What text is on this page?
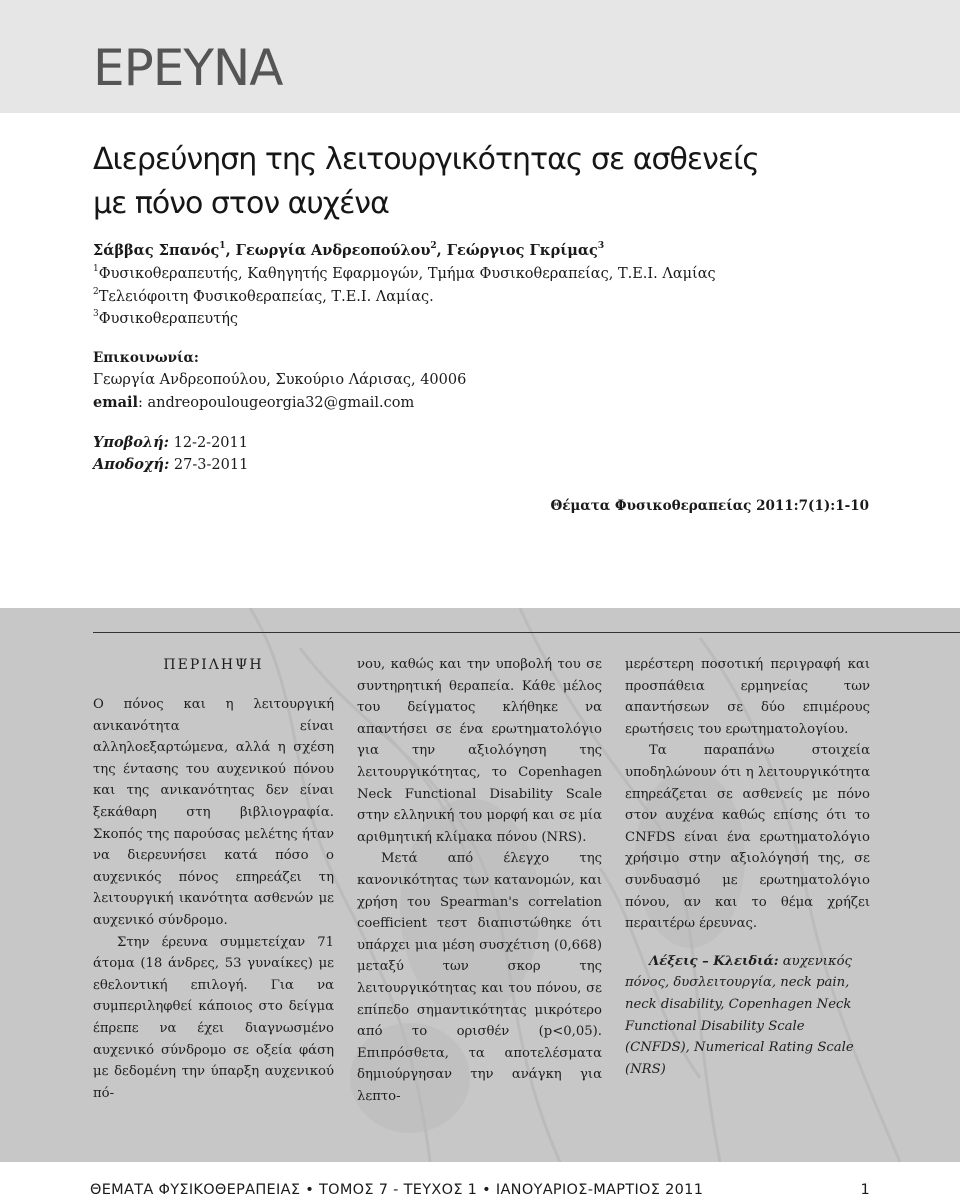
ΕΡΕΥΝΑ
Διερεύνηση της λειτουργικότητας σε ασθενείς
με πόνο στον αυχένα
Σάββας Σπανός$^1$, Γεωργία Ανδρεοπούλου$^2$, Γεώργιος Γκρίμας$^3$
$^1$Φυσικοθεραπευτής, Καθηγητής Εφαρμογών, Τμήμα Φυσικοθεραπείας, Τ.Ε.Ι. Λαμίας
$^2$Τελειόφοιτη Φυσικοθεραπείας, Τ.Ε.Ι. Λαμίας.
$^3$Φυσικοθεραπευτής
Επικοινωνία:
Γεωργία Ανδρεοπούλου, Συκούριο Λάρισας, 40006
email: andreopoulougeorgia32@gmail.com
Υποβολή: 12-2-2011
Αποδοχή: 27-3-2011
Θέματα Φυσικοθεραπείας 2011:7(1):1-10
ΠΕΡΙΛΗΨΗ

Ο πόνος και η λειτουργική ανικανότητα είναι αλληλοεξαρτώμενα, αλλά η σχέση της έντασης του αυχενικού πόνου και της ανικανότητας δεν είναι ξεκάθαρη στη βιβλιογραφία. Σκοπός της παρούσας μελέτης ήταν να διερευνήσει κατά πόσο ο αυχενικός πόνος επηρεάζει τη λειτουργική ικανότητα ασθενών με αυχενικό σύνδρομο.

Στην έρευνα συμμετείχαν 71 άτομα (18 άνδρες, 53 γυναίκες) με εθελοντική επιλογή. Για να συμπεριληφθεί κάποιος στο δείγμα έπρεπε να έχει διαγνωσμένο αυχενικό σύνδρομο σε οξεία φάση με δεδομένη την ύπαρξη αυχενικού πό-

νου, καθώς και την υποβολή του σε συντηρητική θεραπεία. Κάθε μέλος του δείγματος κλήθηκε να απαντήσει σε ένα ερωτηματολόγιο για την αξιολόγηση της λειτουργικότητας, το Copenhagen Neck Functional Disability Scale στην ελληνική του μορφή και σε μία αριθμητική κλίμακα πόνου (NRS).

Μετά από έλεγχο της κανονικότητας των κατανομών, και χρήση του Spearman's correlation coefficient τεστ διαπιστώθηκε ότι υπάρχει μια μέση συσχέτιση (0,668) μεταξύ των σκορ της λειτουργικότητας και του πόνου, σε επίπεδο σημαντικότητας μικρότερο από το ορισθέν (p<0,05). Επιπρόσθετα, τα αποτελέσματα δημιούργησαν την ανάγκη για λεπτο-

μερέστερη ποσοτική περιγραφή και προσπάθεια ερμηνείας των απαντήσεων σε δύο επιμέρους ερωτήσεις του ερωτηματολογίου.

Τα παραπάνω στοιχεία υποδηλώνουν ότι η λειτουργικότητα επηρεάζεται σε ασθενείς με πόνο στον αυχένα καθώς επίσης ότι το CNFDS είναι ένα ερωτηματολόγιο χρήσιμο στην αξιολόγησή της, σε συνδυασμό με ερωτηματολόγιο πόνου, αν και το θέμα χρήζει περαιτέρω έρευνας.

Λέξεις – Κλειδιά: αυχενικός πόνος, δυσλειτουργία, neck pain, neck disability, Copenhagen Neck Functional Disability Scale (CNFDS), Numerical Rating Scale (NRS)

ΘΕΜΑΤΑ ΦΥΣΙΚΟΘΕΡΑΠΕΙΑΣ • ΤΟΜΟΣ 7 - ΤΕΥΧΟΣ 1 • ΙΑΝΟΥΑΡΙΟΣ-ΜΑΡΤΙΟΣ 2011	1
